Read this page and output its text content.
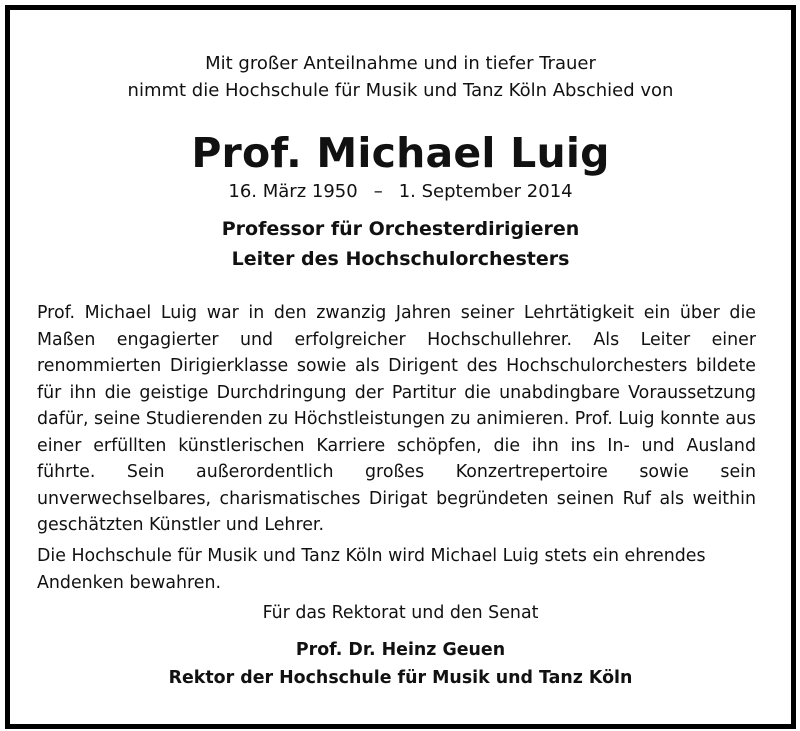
Mit großer Anteilnahme und in tiefer Trauer

nimmt die Hochschule für Musik und Tanz Köln Abschied von

Prof. Michael Luig
16. März 1950 – 1. September 2014

Professor für Orchesterdirigieren

Leiter des Hochschulorchesters

Prof. Michael Luig war in den zwanzig Jahren seiner Lehrtätigkeit ein über die Maßen engagierter und erfolgreicher Hochschullehrer. Als Leiter einer renommierten Dirigierklasse sowie als Dirigent des Hochschulorchesters bildete für ihn die geistige Durchdringung der Partitur die unabdingbare Voraussetzung dafür, seine Studierenden zu Höchstleistungen zu animieren. Prof. Luig konnte aus einer erfüllten künstlerischen Karriere schöpfen, die ihn ins In- und Ausland führte. Sein außerordentlich großes Konzertrepertoire sowie sein unverwechselbares, charismatisches Dirigat begründeten seinen Ruf als weithin geschätzten Künstler und Lehrer.

Die Hochschule für Musik und Tanz Köln wird Michael Luig stets ein ehrendes Andenken bewahren.

Für das Rektorat und den Senat

Prof. Dr. Heinz Geuen

Rektor der Hochschule für Musik und Tanz Köln
